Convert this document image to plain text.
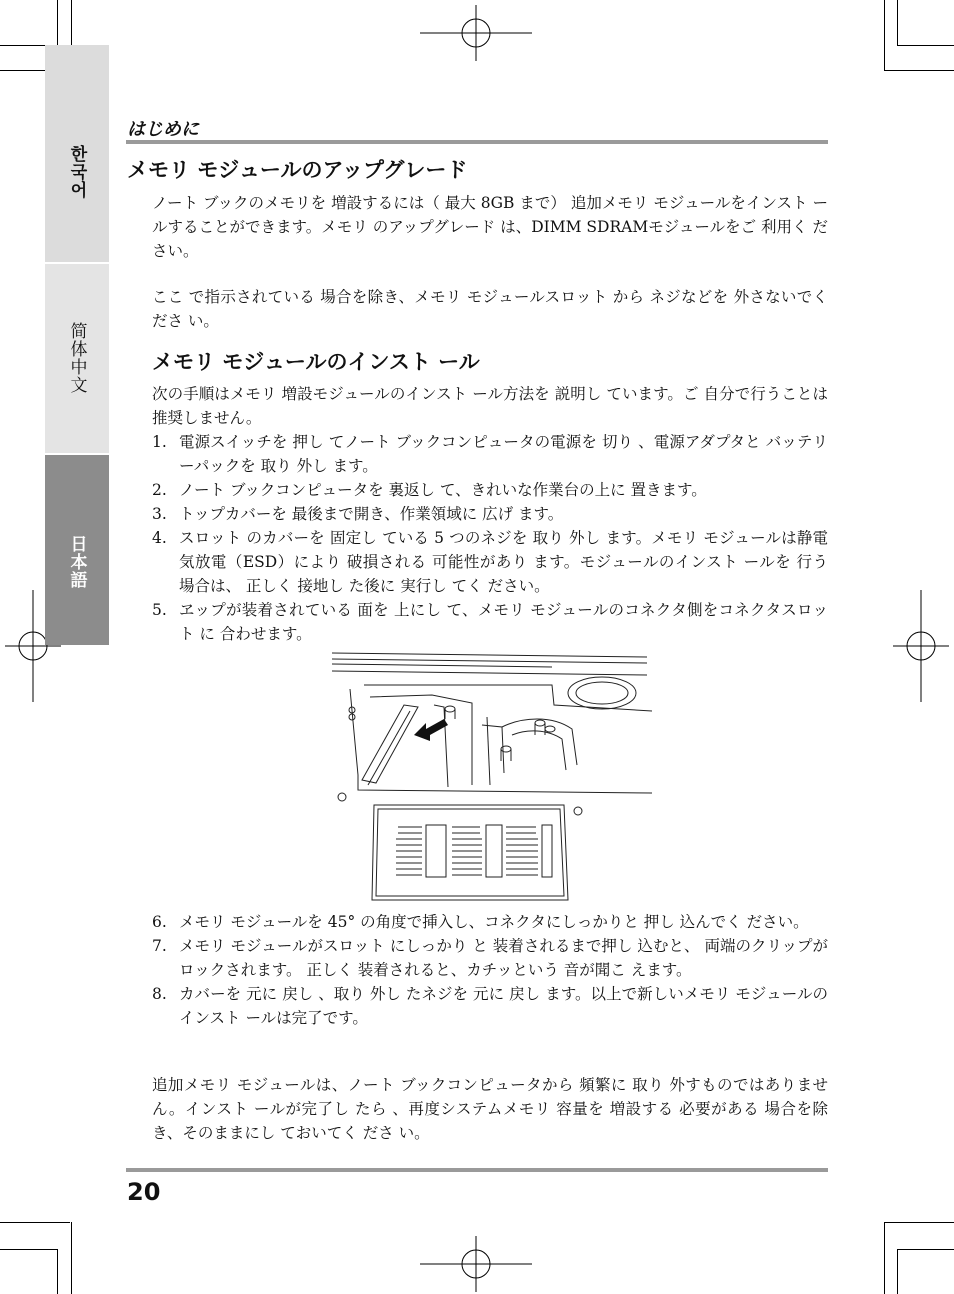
한국어
简体中文
日本語
はじめに
メモリ モジュールのアップグレード

ノート ブックのメモリを 増設するには（ 最大 8GB まで） 追加メモリ モジュールをインスト ールすることができます。メモリ のアップグレード は、DIMM SDRAMモジュールをご 利用く ださい。

ここ で指示されている 場合を除き、メモリ モジュールスロット から ネジなどを 外さないでく ださ い。

メモリ モジュールのインスト ール

次の手順はメモリ 増設モジュールのインスト ール方法を 説明し ています。ご 自分で行うことは推奨しません。

1. 電源スイッチを 押し てノート ブックコンピュータの電源を 切り 、電源アダプタと バッテリーパックを 取り 外し ます。
2. ノート ブックコンピュータを 裏返し て、きれいな作業台の上に 置きます。
3. トップカバーを 最後まで開き、作業領域に 広げ ます。
4. スロット のカバーを 固定し ている 5 つのネジを 取り 外し ます。メモリ モジュールは静電気放電（ESD）により 破損される 可能性があり ます。モジュールのインスト ールを 行う 場合は、 正しく 接地し た後に 実行し てく ださい。
5. ヱップが装着されている 面を 上にし て、メモリ モジュールのコネクタ側をコネクタスロット に 合わせます。
6. メモリ モジュールを 45° の角度で挿入し、コネクタにしっかりと 押し 込んでく ださい。
7. メモリ モジュールがスロット にしっかり と 装着されるまで押し 込むと、 両端のクリップがロックされます。 正しく 装着されると、カチッという 音が聞こ えます。
8. カバーを 元に 戻し 、取り 外し たネジを 元に 戻し ます。以上で新しいメモリ モジュールのインスト ールは完了です。

追加メモリ モジュールは、ノート ブックコンピュータから 頻繁に 取り 外すものではありません。インスト ールが完了し たら 、再度システムメモリ 容量を 増設する 必要がある 場合を除き、そのままにし ておいてく ださ い。

20
